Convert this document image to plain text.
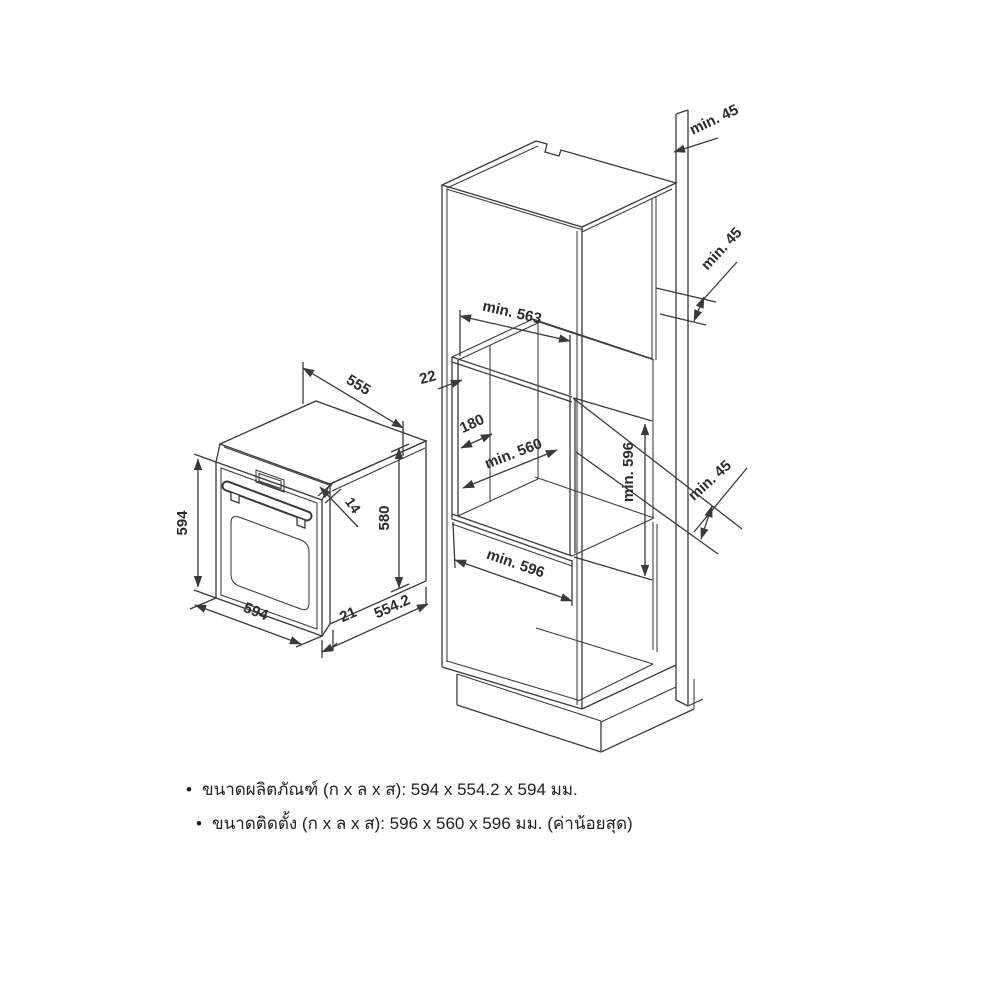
594
555
580
14
594	21 554.2
min. 45
min. 45
min. 45
min. 563
22
180
min. 560	min. 596
min. 596
• ขนาดผลิตภัณฑ์ (ก x ล x ส): 594 x 554.2 x 594 มม.
• ขนาดติดตั้ง (ก x ล x ส): 596 x 560 x 596 มม. (ค่าน้อยสุด)
